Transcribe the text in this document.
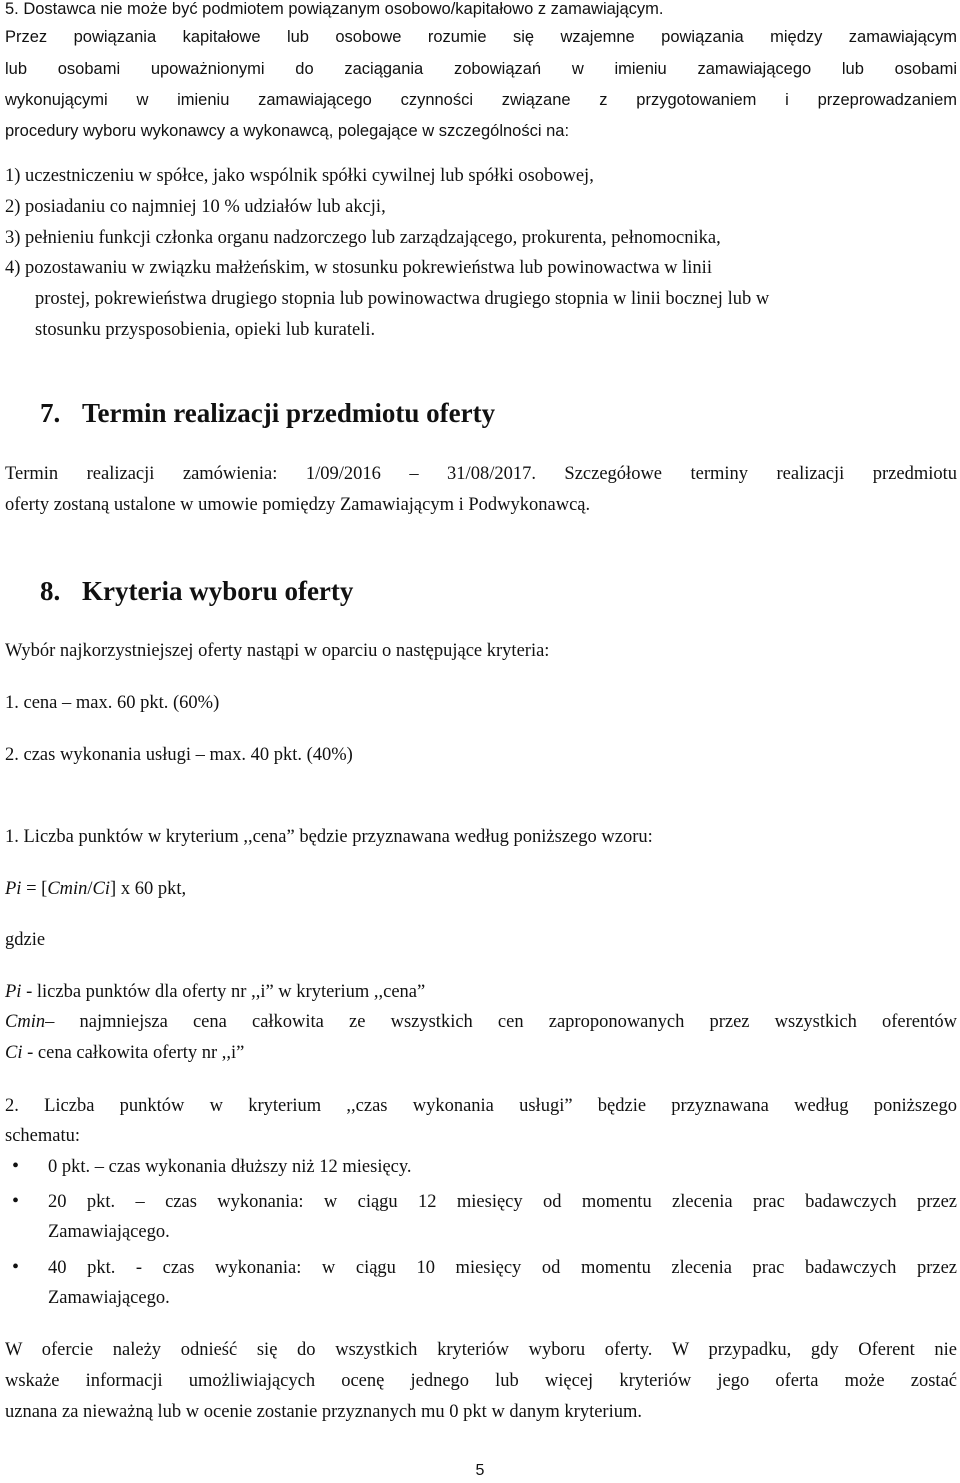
5. Dostawca nie może być podmiotem powiązanym osobowo/kapitałowo z zamawiającym.
Przez powiązania kapitałowe lub osobowe rozumie się wzajemne powiązania między zamawiającym
lub osobami upoważnionymi do zaciągania zobowiązań w imieniu zamawiającego lub osobami
wykonującymi w imieniu zamawiającego czynności związane z przygotowaniem i przeprowadzaniem
procedury wyboru wykonawcy a wykonawcą, polegające w szczególności na:
1) uczestniczeniu w spółce, jako wspólnik spółki cywilnej lub spółki osobowej,
2) posiadaniu co najmniej 10 % udziałów lub akcji,
3) pełnieniu funkcji członka organu nadzorczego lub zarządzającego, prokurenta, pełnomocnika,
4) pozostawaniu w związku małżeńskim, w stosunku pokrewieństwa lub powinowactwa w linii
prostej, pokrewieństwa drugiego stopnia lub powinowactwa drugiego stopnia w linii bocznej lub w
stosunku przysposobienia, opieki lub kurateli.
7. Termin realizacji przedmiotu oferty
Termin realizacji zamówienia: 1/09/2016 – 31/08/2017. Szczegółowe terminy realizacji przedmiotu
oferty zostaną ustalone w umowie pomiędzy Zamawiającym i Podwykonawcą.
8. Kryteria wyboru oferty
Wybór najkorzystniejszej oferty nastąpi w oparciu o następujące kryteria:
1. cena – max. 60 pkt. (60%)
2. czas wykonania usługi – max. 40 pkt. (40%)
1. Liczba punktów w kryterium ,,cena” będzie przyznawana według poniższego wzoru:
Pi = [Cmin/Ci] x 60 pkt,
gdzie
Pi - liczba punktów dla oferty nr ,,i” w kryterium ,,cena”
Cmin– najmniejsza cena całkowita ze wszystkich cen zaproponowanych przez wszystkich oferentów
Ci - cena całkowita oferty nr ,,i”
2. Liczba punktów w kryterium ,,czas wykonania usługi” będzie przyznawana według poniższego
schematu:
• 0 pkt. – czas wykonania dłuższy niż 12 miesięcy.
• 20 pkt. – czas wykonania: w ciągu 12 miesięcy od momentu zlecenia prac badawczych przez
Zamawiającego.
• 40 pkt. - czas wykonania: w ciągu 10 miesięcy od momentu zlecenia prac badawczych przez
Zamawiającego.
W ofercie należy odnieść się do wszystkich kryteriów wyboru oferty. W przypadku, gdy Oferent nie
wskaże informacji umożliwiających ocenę jednego lub więcej kryteriów jego oferta może zostać
uznana za nieważną lub w ocenie zostanie przyznanych mu 0 pkt w danym kryterium.
5
